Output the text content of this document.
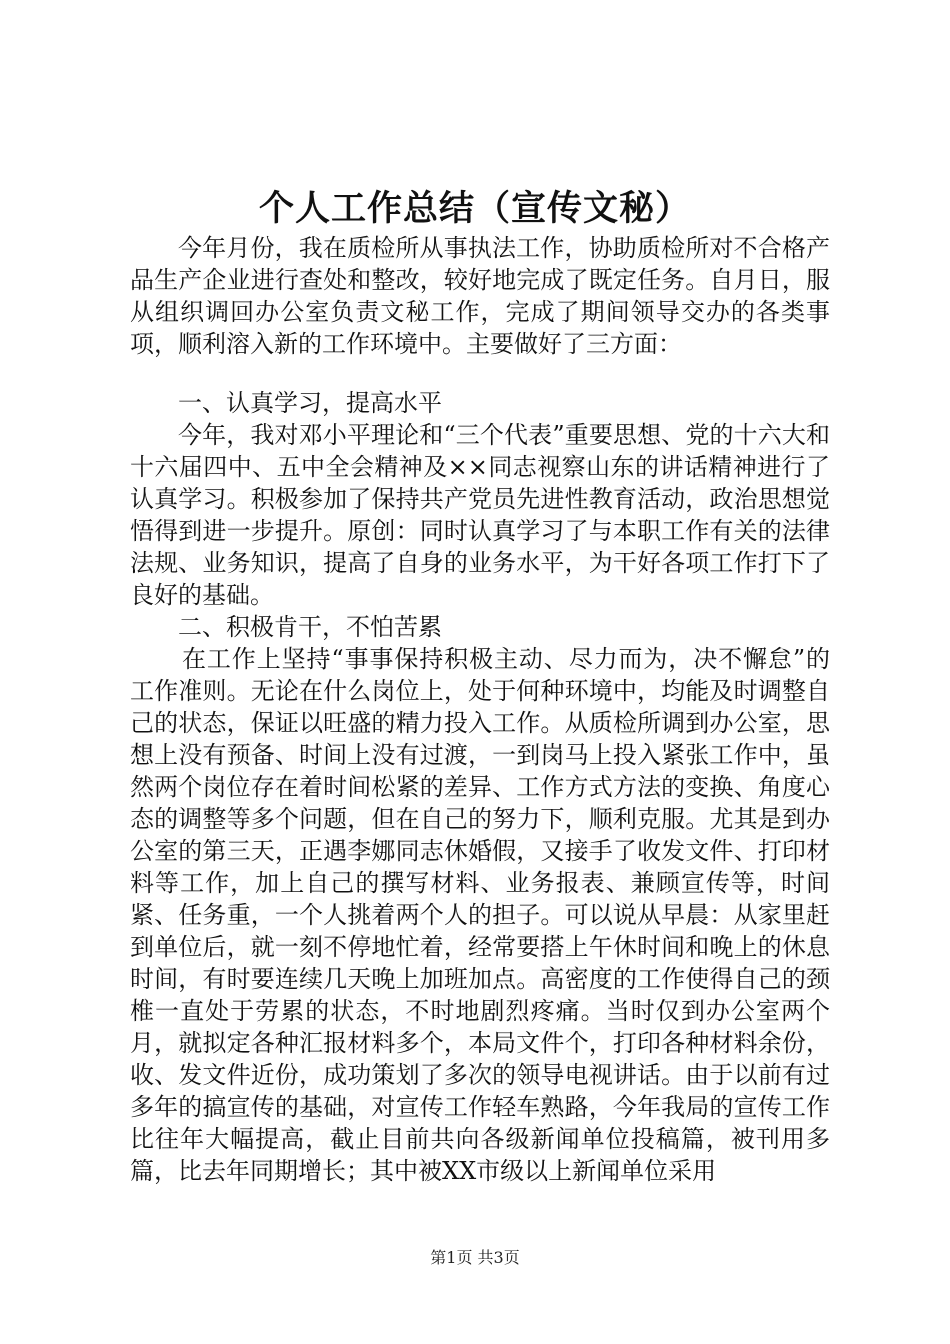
个人工作总结（宣传文秘）

今年月份，我在质检所从事执法工作，协助质检所对不合格产品生产企业进行查处和整改，较好地完成了既定任务。自月日，服从组织调回办公室负责文秘工作，完成了期间领导交办的各类事项，顺利溶入新的工作环境中。主要做好了三方面：

一、认真学习，提高水平

今年，我对邓小平理论和“三个代表”重要思想、党的十六大和十六届四中、五中全会精神及××同志视察山东的讲话精神进行了认真学习。积极参加了保持共产党员先进性教育活动，政治思想觉悟得到进一步提升。原创：同时认真学习了与本职工作有关的法律法规、业务知识，提高了自身的业务水平，为干好各项工作打下了良好的基础。

二、积极肯干，不怕苦累

在工作上坚持“事事保持积极主动、尽力而为，决不懈怠”的工作准则。无论在什么岗位上，处于何种环境中，均能及时调整自己的状态，保证以旺盛的精力投入工作。从质检所调到办公室，思想上没有预备、时间上没有过渡，一到岗马上投入紧张工作中，虽然两个岗位存在着时间松紧的差异、工作方式方法的变换、角度心态的调整等多个问题，但在自己的努力下，顺利克服。尤其是到办公室的第三天，正遇李娜同志休婚假，又接手了收发文件、打印材料等工作，加上自己的撰写材料、业务报表、兼顾宣传等，时间紧、任务重，一个人挑着两个人的担子。可以说从早晨：从家里赶到单位后，就一刻不停地忙着，经常要搭上午休时间和晚上的休息时间，有时要连续几天晚上加班加点。高密度的工作使得自己的颈椎一直处于劳累的状态，不时地剧烈疼痛。当时仅到办公室两个月，就拟定各种汇报材料多个，本局文件个，打印各种材料余份，收、发文件近份，成功策划了多次的领导电视讲话。由于以前有过多年的搞宣传的基础，对宣传工作轻车熟路，今年我局的宣传工作比往年大幅提高，截止目前共向各级新闻单位投稿篇，被刊用多篇，比去年同期增长；其中被XX市级以上新闻单位采用

第1页 共3页
